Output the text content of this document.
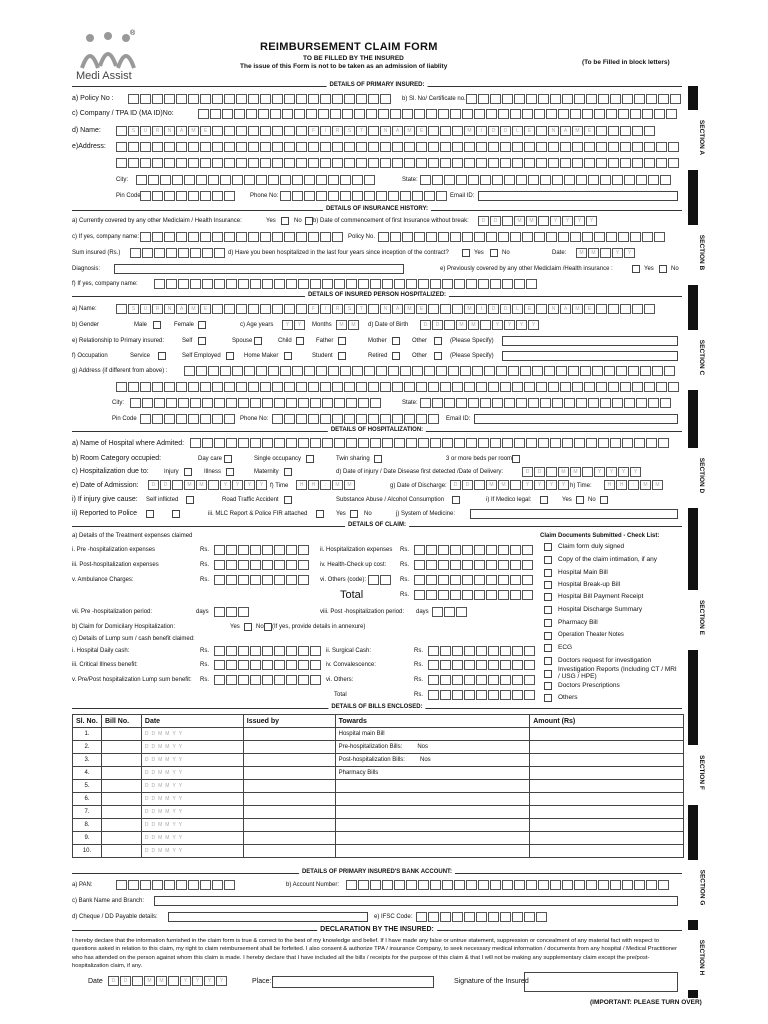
®
Medi Assist
REIMBURSEMENT CLAIM FORM
TO BE FILLED BY THE INSURED
The issue of this Form is not to be taken as an admission of liablity
(To be Filled in block letters)
SECTION A
SECTION B
SECTION C
SECTION D
SECTION E
SECTION F
SECTION G
SECTION H
DETAILS OF PRIMARY INSURED:
a) Policy No :	b) Sl. No/ Certificate no.
c) Company / TPA ID (MA ID)No:
d) Name:	S	U	R	N	A	M	E	F	I	R	S	T	N	A	M	E	M	I	D	D	L	E	N	A	M	E
e)Address:
City:	State:
Pin Code	Phone No:	Email ID:
DETAILS OF INSURANCE HISTORY:
a) Currently covered by any other Mediclaim / Health Insurance:	Yes	No b) Date of commencement of first Insurance without break:	D	D	M	M	Y	Y	Y	Y
c) If yes, company name:	Policy No.
Sum insured (Rs.)	d) Have you been hospitalized in the last four years since inception of the contract?	Yes	No	Date:	M	M	Y	Y
Diagnosis:	e) Previously covered by any other Mediclaim /Health insurance :	Yes	No
f) If yes, company name:
DETAILS OF INSURED PERSON HOSPITALIZED:
a) Name:	S	U	R	N	A	M	E	F	I	R	S	T	N	A	M	E	M	I	D	D	L	E	N	A	M	E
b) Gender	Male	Female	c) Age years	Y	Y	Months	M	M	d) Date of Birth	D	D	M	M	Y	Y	Y	Y
e) Relationship to Primary insured:	Self	Spouse	Child	Father	Mother	Other	(Please Specify)
f) Occupation	Service	Self Employed	Home Maker	Student	Retired	Other	(Please Specify)
g) Address (if different from above) :
City:	State:
Pin Code	Phone No:	Email ID:
DETAILS OF HOSPITALIZATION:
a) Name of Hospital where Admited:
b) Room Category occupied:	Day care	Single occupancy	Twin sharing	3 or more beds per room
c) Hospitalization due to:	Injury	Illness	Maternity	d) Date of injury / Date Disease first detected /Date of Delivery:	D	D	M	M	Y	Y	Y	Y
e) Date of Admission:	D	D	M	M	Y	Y	Y	Y	f) Time	H	H	:	M	M	g) Date of Discharge:	D	D	M	M	Y	Y	Y	Y h) Time:	H	H	:	M	M
i) If injury give cause: Self inflicted	Road Traffic Accident	Substance Abuse / Alcohol Consumption	i) If Medico legal:	Yes	No
ii) Reported to Police	iii. MLC Report & Police FIR attached	Yes	No	j) System of Medicine:
DETAILS OF CLAIM:
a) Details of the Treatment expenses claimed	Claim Documents Submitted - Check List:
i. Pre -hospitalization expenses	Rs.	ii. Hospitalization expenses Rs.
iii. Post-hospitalization expenses	Rs.	iv. Health-Check up cost: Rs.
v. Ambulance Charges:	Rs.	vi. Others (code):	Rs.
Total	Rs.
vii. Pre -hospitalization period:	days	viii. Post -hospitalization period: days
b) Claim for Domicilary Hospitalization:	Yes	No (If yes, provide details in annexure)
c) Details of Lump sum / cash benefit claimed:
i. Hospital Daily cash:	Rs.	ii. Surgical Cash:	Rs.
iii. Critical Illness benefit:	Rs.	iv. Convalescence:	Rs.
v. Pre/Post hospitalization Lump sum benefit: Rs.	vi. Others:	Rs.
Total	Rs.
Claim form duly signed
Copy of the claim intimation, if any
Hospital Main Bill
Hospital Break-up Bill
Hospital Bill Payment Receipt
Hospital Discharge Summary
Pharmacy Bill
Operation Theater Notes
ECG
Doctors request for investigation
Investigation Reports (Including CT / MRI / USG / HPE)
Doctors Prescriptions
Others
DETAILS OF BILLS ENCLOSED:
Sl. No.	Bill No.	Date	Issued by	Towards	Amount (Rs)
1.		DDMMYY		Hospital main Bill	
2.		DDMMYY		Pre-hospitalization Bills: Nos	
3.		DDMMYY		Post-hospitalization Bills: Nos	
4.		DDMMYY		Pharmacy Bills	
5.		DDMMYY			
6.		DDMMYY			
7.		DDMMYY			
8.		DDMMYY			
9.		DDMMYY			
10.		DDMMYY			
DETAILS OF PRIMARY INSURED'S BANK ACCOUNT:
a) PAN:	b) Account Number:
c) Bank Name and Branch:
d) Cheque / DD Payable details:	e) IFSC Code:
DECLARATION BY THE INSURED:
I hereby declare that the information furnished in the claim form is true & correct to the best of my knowledge and belief. If I have made any false or untrue statement, suppression or concealment of any material fact with respect to questions asked in relation to this claim, my right to claim reimbursement shall be forfeited. I also consent & authorize TPA / insurance Company, to seek necessary medical information / documents from any hospital / Medical Practitioner who has attended on the person against whom this claim is made. I hereby declare that I have included all the bills / receipts for the purpose of this claim & that I will not be making any supplementary claim except the pre/post-hospitalization claim, if any.
Date	D	D	M	M	Y	Y	Y	Y	Place:	Signature of the Insured
(IMPORTANT: PLEASE TURN OVER)
